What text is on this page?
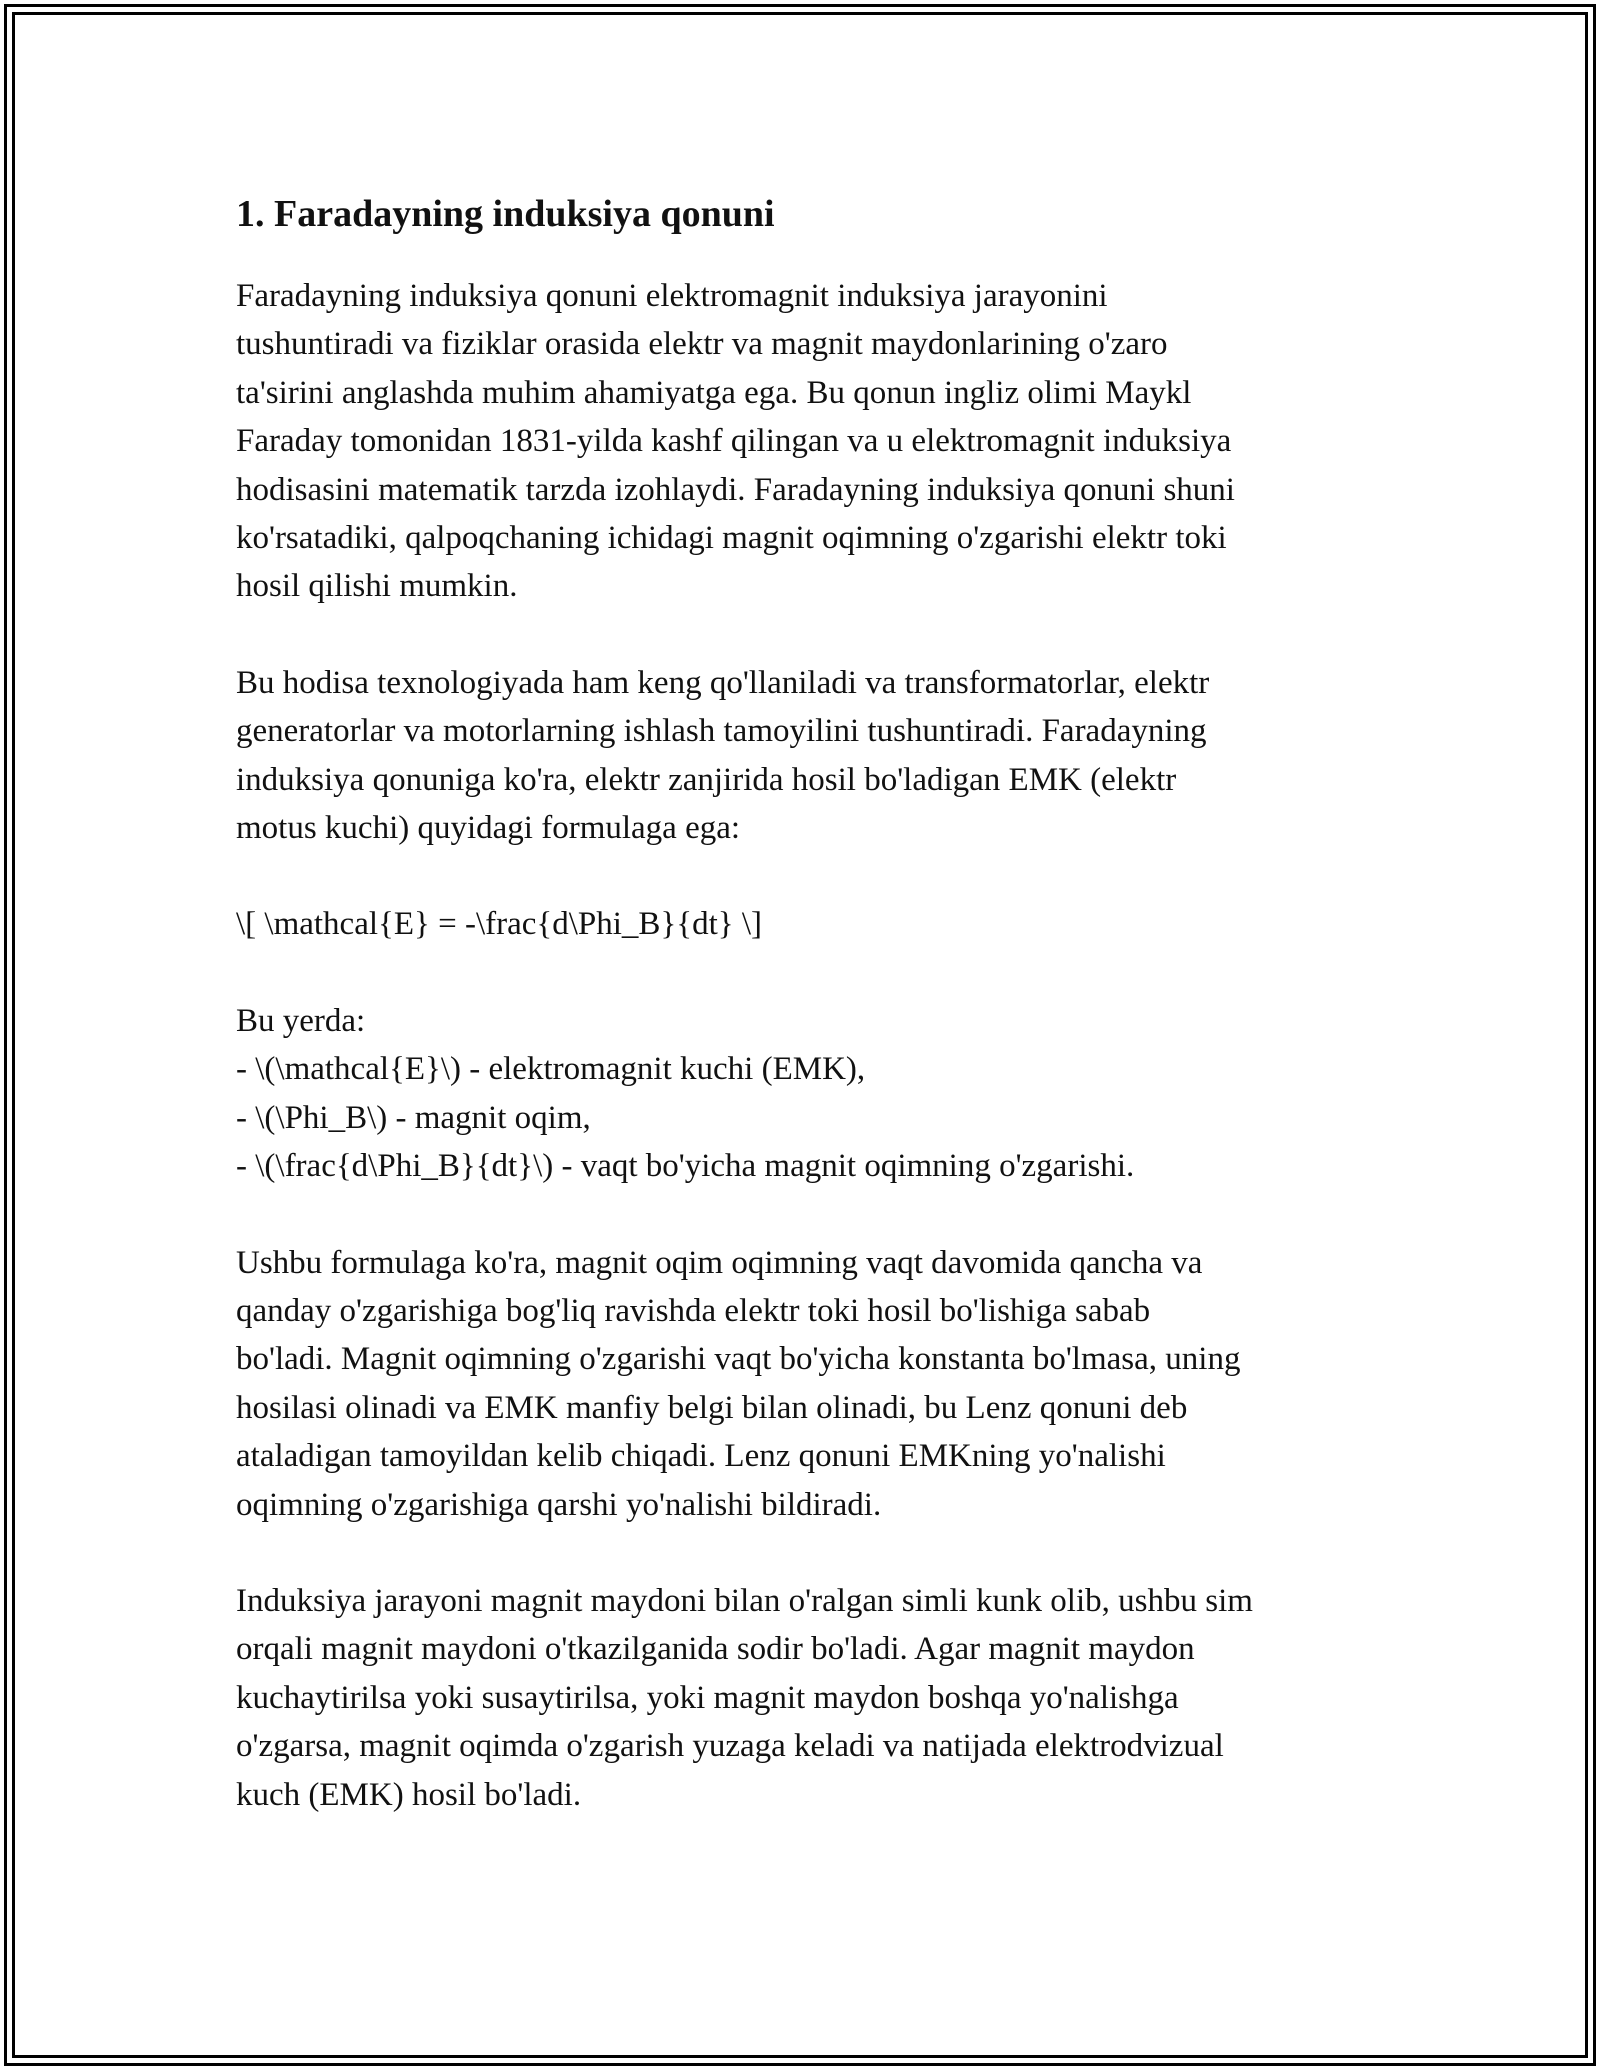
1. Faradayning induksiya qonuni
Faradayning induksiya qonuni elektromagnit induksiya jarayonini
tushuntiradi va fiziklar orasida elektr va magnit maydonlarining o'zaro
ta'sirini anglashda muhim ahamiyatga ega. Bu qonun ingliz olimi Maykl
Faraday tomonidan 1831-yilda kashf qilingan va u elektromagnit induksiya
hodisasini matematik tarzda izohlaydi. Faradayning induksiya qonuni shuni
ko'rsatadiki, qalpoqchaning ichidagi magnit oqimning o'zgarishi elektr toki
hosil qilishi mumkin.
Bu hodisa texnologiyada ham keng qo'llaniladi va transformatorlar, elektr
generatorlar va motorlarning ishlash tamoyilini tushuntiradi. Faradayning
induksiya qonuniga ko'ra, elektr zanjirida hosil bo'ladigan EMK (elektr
motus kuchi) quyidagi formulaga ega:
\[ \mathcal{E} = -\frac{d\Phi_B}{dt} \]
Bu yerda:
- \(\mathcal{E}\) - elektromagnit kuchi (EMK),
- \(\Phi_B\) - magnit oqim,
- \(\frac{d\Phi_B}{dt}\) - vaqt bo'yicha magnit oqimning o'zgarishi.
Ushbu formulaga ko'ra, magnit oqim oqimning vaqt davomida qancha va
qanday o'zgarishiga bog'liq ravishda elektr toki hosil bo'lishiga sabab
bo'ladi. Magnit oqimning o'zgarishi vaqt bo'yicha konstanta bo'lmasa, uning
hosilasi olinadi va EMK manfiy belgi bilan olinadi, bu Lenz qonuni deb
ataladigan tamoyildan kelib chiqadi. Lenz qonuni EMKning yo'nalishi
oqimning o'zgarishiga qarshi yo'nalishi bildiradi.
Induksiya jarayoni magnit maydoni bilan o'ralgan simli kunk olib, ushbu sim
orqali magnit maydoni o'tkazilganida sodir bo'ladi. Agar magnit maydon
kuchaytirilsa yoki susaytirilsa, yoki magnit maydon boshqa yo'nalishga
o'zgarsa, magnit oqimda o'zgarish yuzaga keladi va natijada elektrodvizual
kuch (EMK) hosil bo'ladi.
